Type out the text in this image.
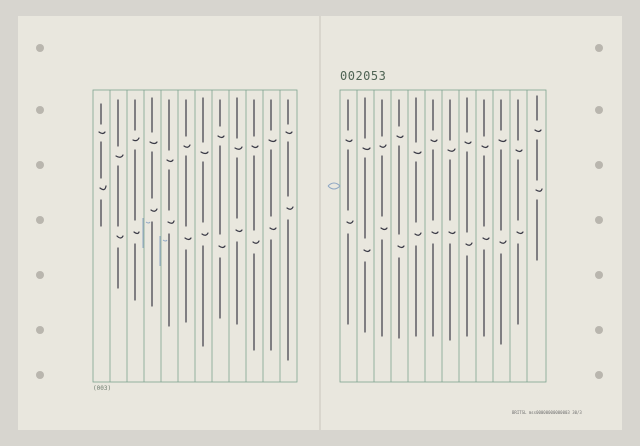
002053
(003)
BRITSL mss00000000000003 30/3
